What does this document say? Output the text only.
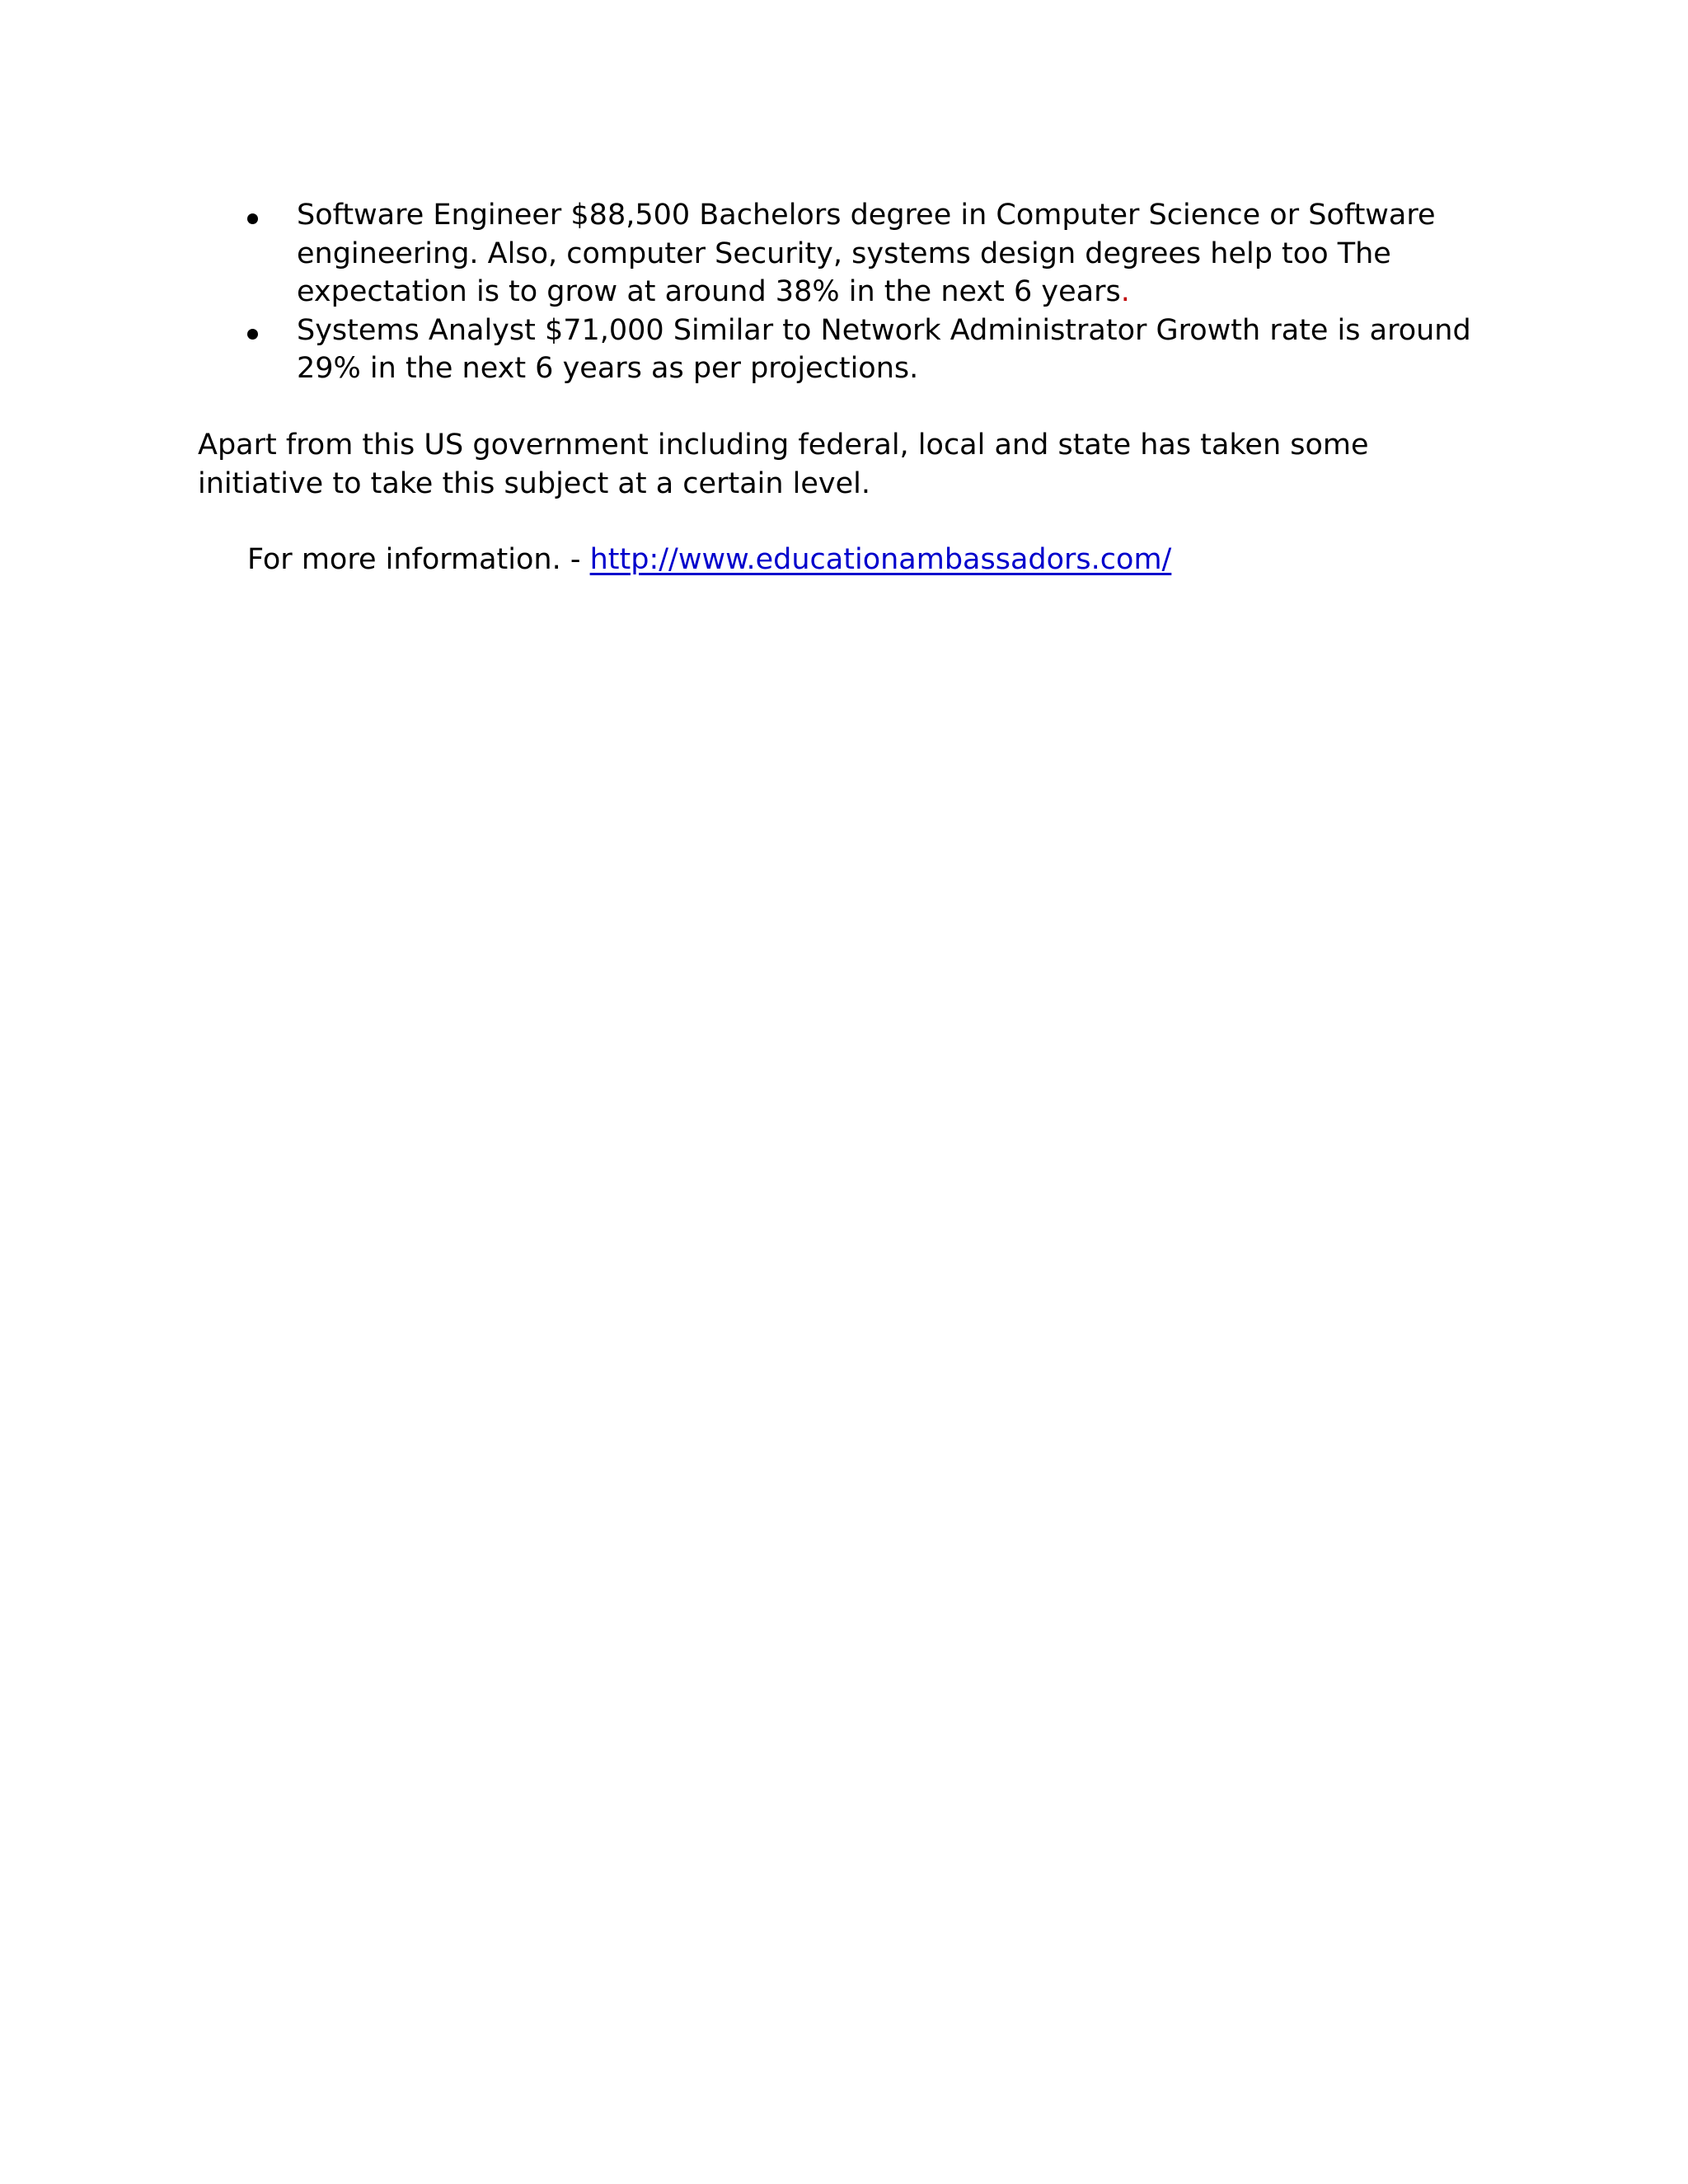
Software Engineer $88,500 Bachelors degree in Computer Science or Software engineering. Also, computer Security, systems design degrees help too The expectation is to grow at around 38% in the next 6 years.
Systems Analyst $71,000 Similar to Network Administrator Growth rate is around 29% in the next 6 years as per projections.

Apart from this US government including federal, local and state has taken some initiative to take this subject at a certain level.

For more information. - http://www.educationambassadors.com/
